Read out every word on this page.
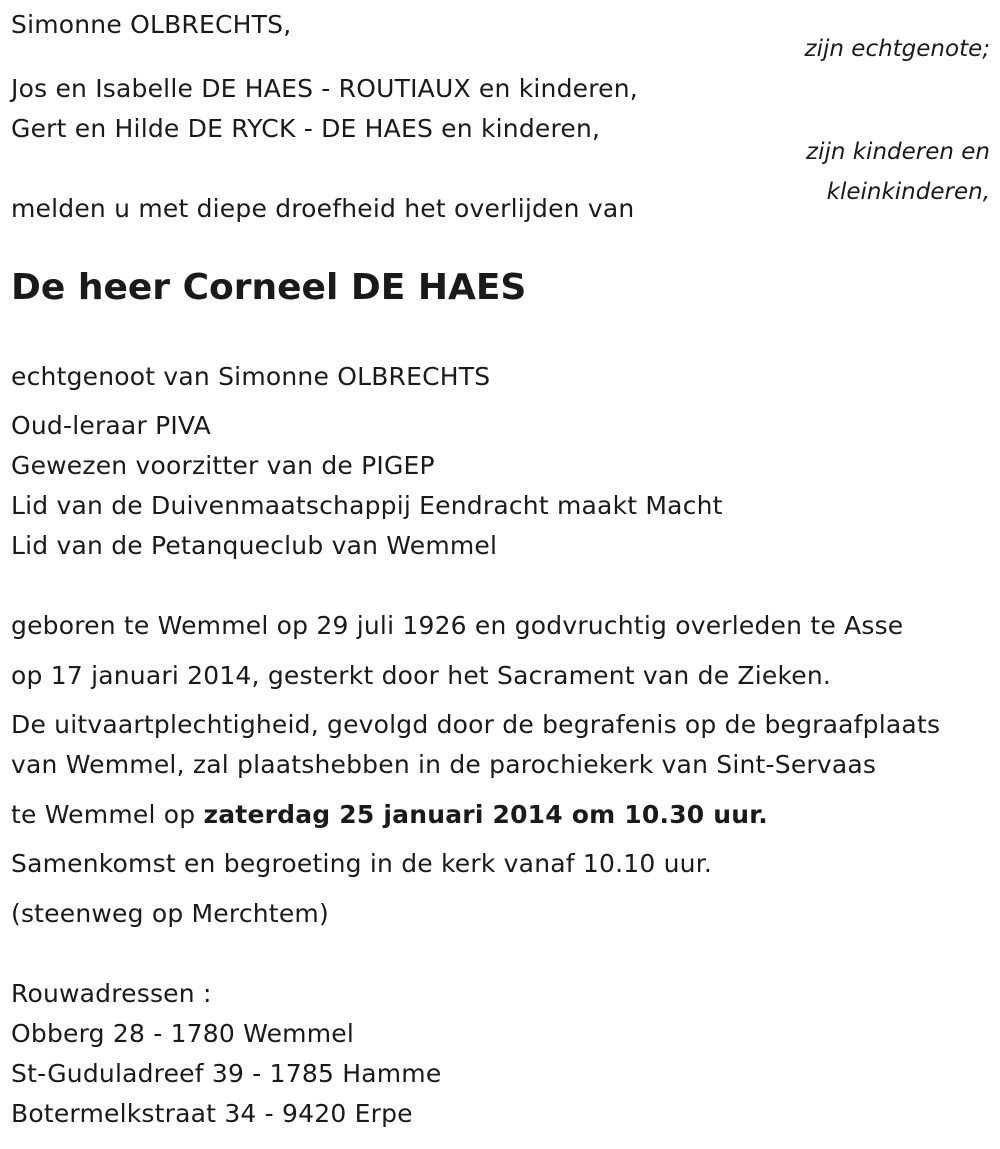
Simonne OLBRECHTS,
zijn echtgenote;
Jos en Isabelle DE HAES - ROUTIAUX en kinderen,
Gert en Hilde DE RYCK - DE HAES en kinderen,
zijn kinderen en
kleinkinderen,
melden u met diepe droefheid het overlijden van
De heer Corneel DE HAES
echtgenoot van Simonne OLBRECHTS
Oud-leraar PIVA
Gewezen voorzitter van de PIGEP
Lid van de Duivenmaatschappij Eendracht maakt Macht
Lid van de Petanqueclub van Wemmel
geboren te Wemmel op 29 juli 1926 en godvruchtig overleden te Asse
op 17 januari 2014, gesterkt door het Sacrament van de Zieken.
De uitvaartplechtigheid, gevolgd door de begrafenis op de begraafplaats
van Wemmel, zal plaatshebben in de parochiekerk van Sint-Servaas
te Wemmel op zaterdag 25 januari 2014 om 10.30 uur.
Samenkomst en begroeting in de kerk vanaf 10.10 uur.
(steenweg op Merchtem)
Rouwadressen :
Obberg 28 - 1780 Wemmel
St-Guduladreef 39 - 1785 Hamme
Botermelkstraat 34 - 9420 Erpe
